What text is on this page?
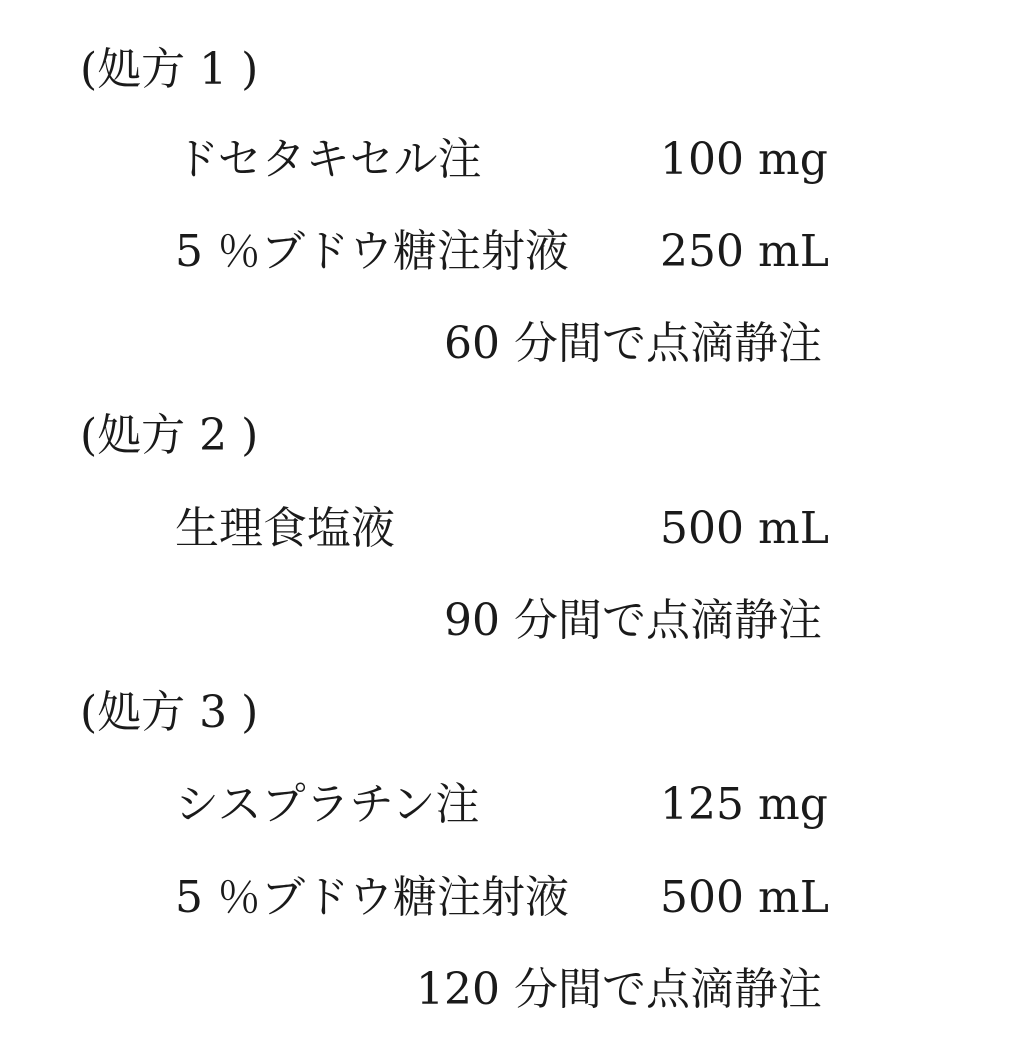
(処方 1 )
ドセタキセル注	100 mg
5 ％ブドウ糖注射液 250 mL
60 分間で点滴静注
(処方 2 )
生理食塩液	500 mL
90 分間で点滴静注
(処方 3 )
シスプラチン注	125 mg
5 ％ブドウ糖注射液 500 mL
120 分間で点滴静注
